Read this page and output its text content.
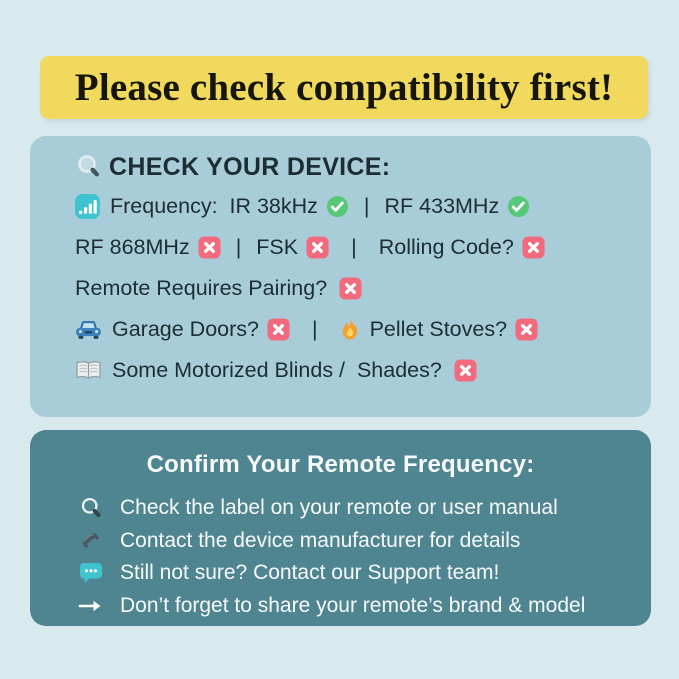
Please check compatibility first!
CHECK YOUR DEVICE:
Frequency:  IR 38kHz | RF 433MHz
RF 868MHz | FSK | Rolling Code?
Remote Requires Pairing?
Garage Doors? | Pellet Stoves?
Some Motorized Blinds /  Shades?
Confirm Your Remote Frequency:
Check the label on your remote or user manual
Contact the device manufacturer for details
Still not sure? Contact our Support team!
Don’t forget to share your remote’s brand & model
